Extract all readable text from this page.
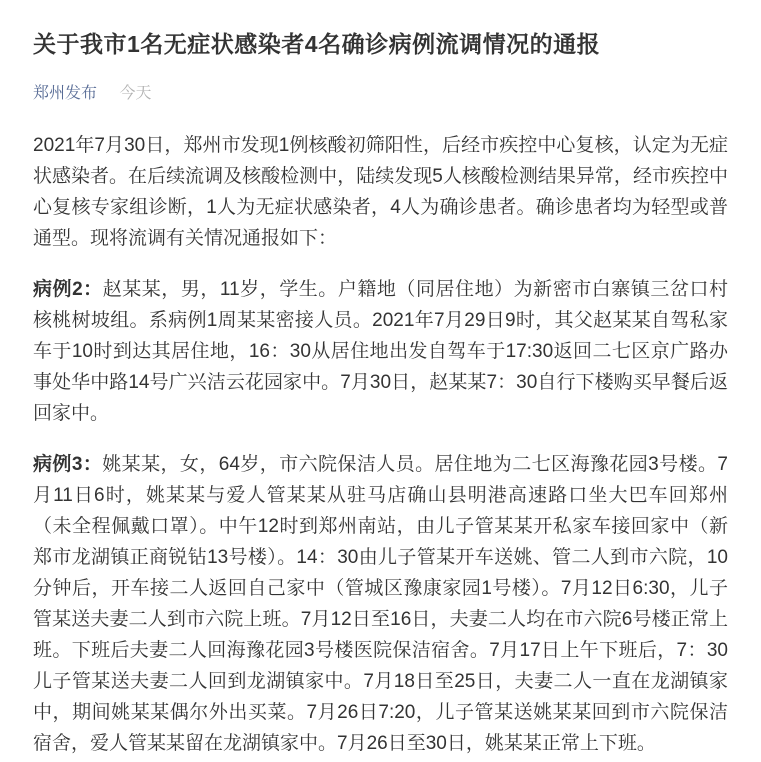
关于我市1名无症状感染者4名确诊病例流调情况的通报
郑州发布 今天

2021年7月30日，郑州市发现1例核酸初筛阳性，后经市疾控中心复核，认定为无症状感染者。在后续流调及核酸检测中，陆续发现5人核酸检测结果异常，经市疾控中心复核专家组诊断，1人为无症状感染者，4人为确诊患者。确诊患者均为轻型或普通型。现将流调有关情况通报如下：

病例2：赵某某，男，11岁，学生。户籍地（同居住地）为新密市白寨镇三岔口村核桃树坡组。系病例1周某某密接人员。2021年7月29日9时，其父赵某某自驾私家车于10时到达其居住地，16：30从居住地出发自驾车于17:30返回二七区京广路办事处华中路14号广兴洁云花园家中。7月30日，赵某某7：30自行下楼购买早餐后返回家中。

病例3：姚某某，女，64岁，市六院保洁人员。居住地为二七区海豫花园3号楼。7月11日6时，姚某某与爱人管某某从驻马店确山县明港高速路口坐大巴车回郑州（未全程佩戴口罩）。中午12时到郑州南站，由儿子管某某开私家车接回家中（新郑市龙湖镇正商锐钻13号楼）。14：30由儿子管某开车送姚、管二人到市六院，10分钟后，开车接二人返回自己家中（管城区豫康家园1号楼）。7月12日6:30，儿子管某送夫妻二人到市六院上班。7月12日至16日，夫妻二人均在市六院6号楼正常上班。下班后夫妻二人回海豫花园3号楼医院保洁宿舍。7月17日上午下班后，7：30儿子管某送夫妻二人回到龙湖镇家中。7月18日至25日，夫妻二人一直在龙湖镇家中，期间姚某某偶尔外出买菜。7月26日7:20，儿子管某送姚某某回到市六院保洁宿舍，爱人管某某留在龙湖镇家中。7月26日至30日，姚某某正常上下班。
